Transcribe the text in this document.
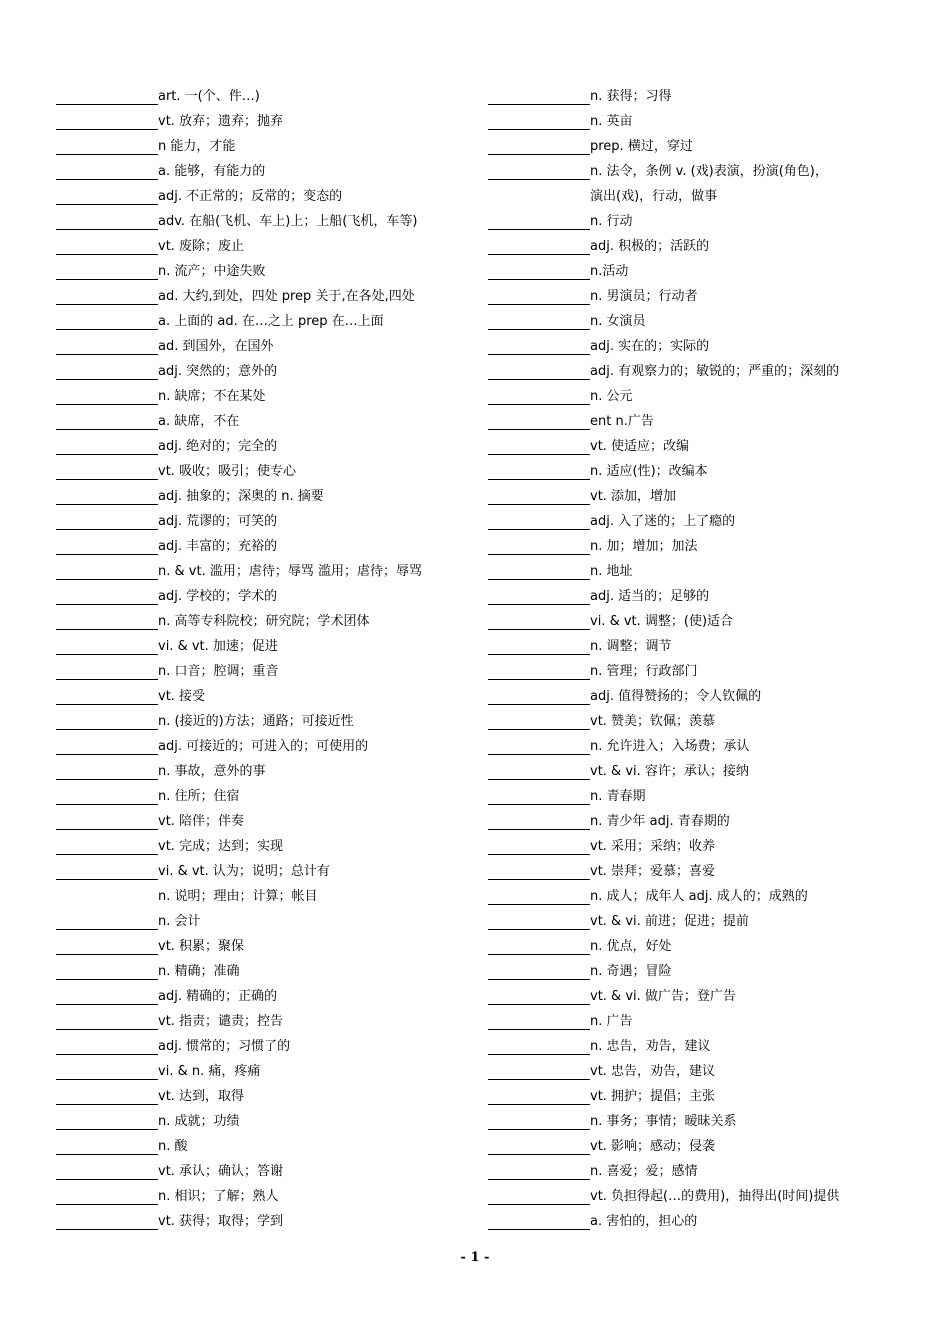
art. 一(个、件…)
vt. 放弃；遗弃；抛弃
n 能力，才能
a. 能够，有能力的
adj. 不正常的；反常的；变态的
adv. 在船(飞机、车上)上；上船(飞机，车等)
vt. 废除；废止
n. 流产；中途失败
ad. 大约,到处，四处 prep 关于,在各处,四处
a. 上面的 ad. 在…之上 prep 在…上面
ad. 到国外，在国外
adj. 突然的；意外的
n. 缺席；不在某处
a. 缺席，不在
adj. 绝对的；完全的
vt. 吸收；吸引；使专心
adj. 抽象的；深奥的 n. 摘要
adj. 荒谬的；可笑的
adj. 丰富的；充裕的
n. & vt. 滥用；虐待；辱骂 滥用；虐待；辱骂
adj. 学校的；学术的
n. 高等专科院校；研究院；学术团体
vi. & vt. 加速；促进
n. 口音；腔调；重音
vt. 接受
n. (接近的)方法；通路；可接近性
adj. 可接近的；可进入的；可使用的
n. 事故，意外的事
n. 住所；住宿
vt. 陪伴；伴奏
vt. 完成；达到；实现
vi. & vt. 认为；说明；总计有
n. 说明；理由；计算；帐目
n. 会计
vt. 积累；聚保
n. 精确；准确
adj. 精确的；正确的
vt. 指责；谴责；控告
adj. 惯常的；习惯了的
vi. & n. 痛，疼痛
vt. 达到，取得
n. 成就；功绩
n. 酸
vt. 承认；确认；答谢
n. 相识；了解；熟人
vt. 获得；取得；学到
n. 获得；习得
n. 英亩
prep. 横过，穿过
n. 法令，条例 v. (戏)表演，扮演(角色)，
演出(戏)，行动，做事
n. 行动
adj. 积极的；活跃的
n.活动
n. 男演员；行动者
n. 女演员
adj. 实在的；实际的
adj. 有观察力的；敏锐的；严重的；深刻的
n. 公元
ent n.广告
vt. 使适应；改编
n. 适应(性)；改编本
vt. 添加，增加
adj. 入了迷的；上了瘾的
n. 加；增加；加法
n. 地址
adj. 适当的；足够的
vi. & vt. 调整；(使)适合
n. 调整；调节
n. 管理；行政部门
adj. 值得赞扬的；令人钦佩的
vt. 赞美；钦佩；羡慕
n. 允许进入；入场费；承认
vt. & vi. 容许；承认；接纳
n. 青春期
n. 青少年 adj. 青春期的
vt. 采用；采纳；收养
vt. 崇拜；爱慕；喜爱
n. 成人；成年人 adj. 成人的；成熟的
vt. & vi. 前进；促进；提前
n. 优点，好处
n. 奇遇；冒险
vt. & vi. 做广告；登广告
n. 广告
n. 忠告，劝告，建议
vt. 忠告，劝告，建议
vt. 拥护；提倡；主张
n. 事务；事情；暧昧关系
vt. 影响；感动；侵袭
n. 喜爱；爱；感情
vt. 负担得起(…的费用)，抽得出(时间)提供
a. 害怕的，担心的
- 1 -
